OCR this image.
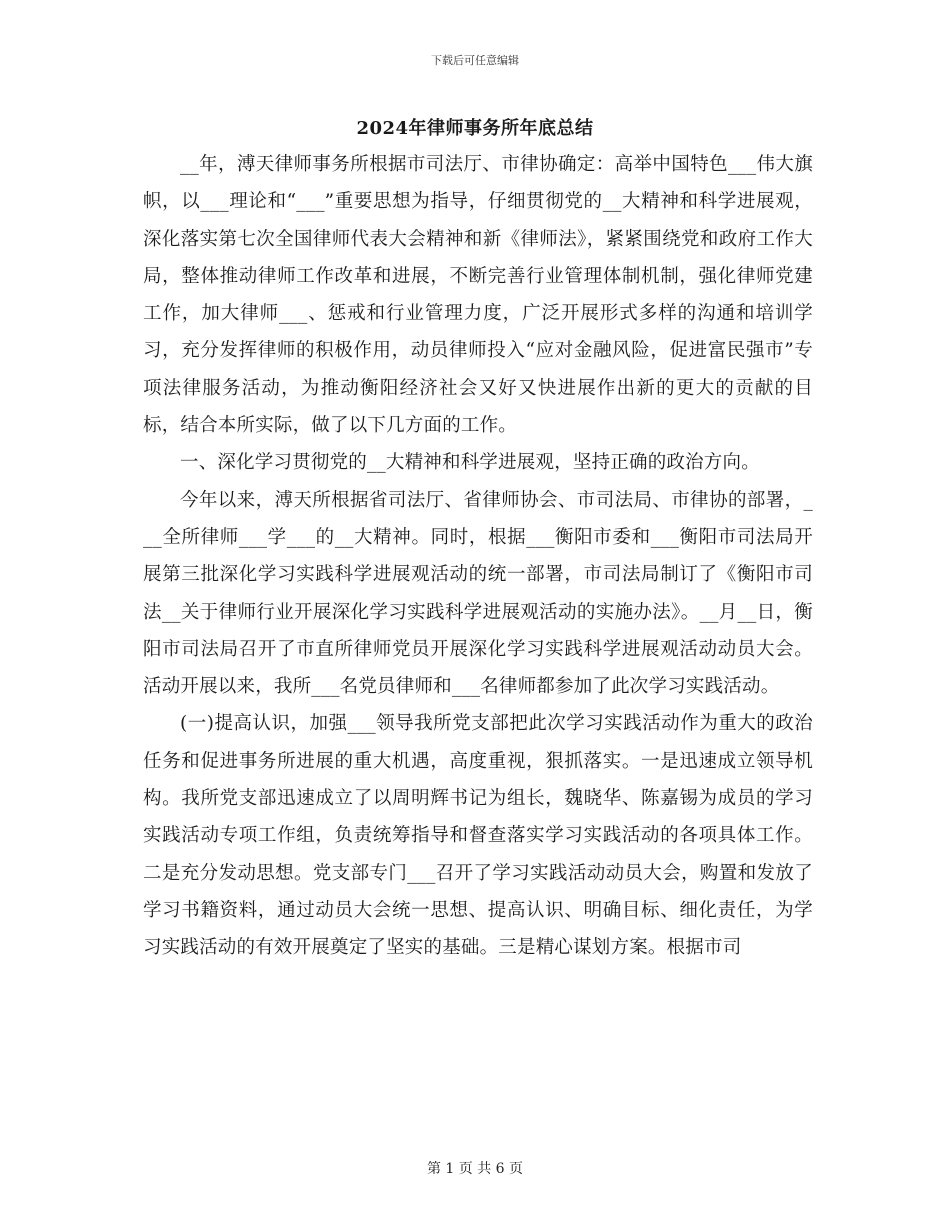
下载后可任意编辑
2024年律师事务所年底总结

__年，溥天律师事务所根据市司法厅、市律协确定：高举中国特色___伟大旗帜，以___理论和“___”重要思想为指导，仔细贯彻党的__大精神和科学进展观，深化落实第七次全国律师代表大会精神和新《律师法》，紧紧围绕党和政府工作大局，整体推动律师工作改革和进展，不断完善行业管理体制机制，强化律师党建工作，加大律师___、惩戒和行业管理力度，广泛开展形式多样的沟通和培训学习，充分发挥律师的积极作用，动员律师投入“应对金融风险，促进富民强市”专项法律服务活动，为推动衡阳经济社会又好又快进展作出新的更大的贡献的目标，结合本所实际，做了以下几方面的工作。

一、深化学习贯彻党的__大精神和科学进展观，坚持正确的政治方向。

今年以来，溥天所根据省司法厅、省律师协会、市司法局、市律协的部署，___全所律师___学___的__大精神。同时，根据___衡阳市委和___衡阳市司法局开展第三批深化学习实践科学进展观活动的统一部署，市司法局制订了《衡阳市司法__关于律师行业开展深化学习实践科学进展观活动的实施办法》。__月__日，衡阳市司法局召开了市直所律师党员开展深化学习实践科学进展观活动动员大会。活动开展以来，我所___名党员律师和___名律师都参加了此次学习实践活动。

(一)提高认识，加强___领导我所党支部把此次学习实践活动作为重大的政治任务和促进事务所进展的重大机遇，高度重视，狠抓落实。一是迅速成立领导机构。我所党支部迅速成立了以周明辉书记为组长，魏晓华、陈嘉锡为成员的学习实践活动专项工作组，负责统筹指导和督查落实学习实践活动的各项具体工作。二是充分发动思想。党支部专门___召开了学习实践活动动员大会，购置和发放了学习书籍资料，通过动员大会统一思想、提高认识、明确目标、细化责任，为学习实践活动的有效开展奠定了坚实的基础。三是精心谋划方案。根据市司

第 1 页 共 6 页
